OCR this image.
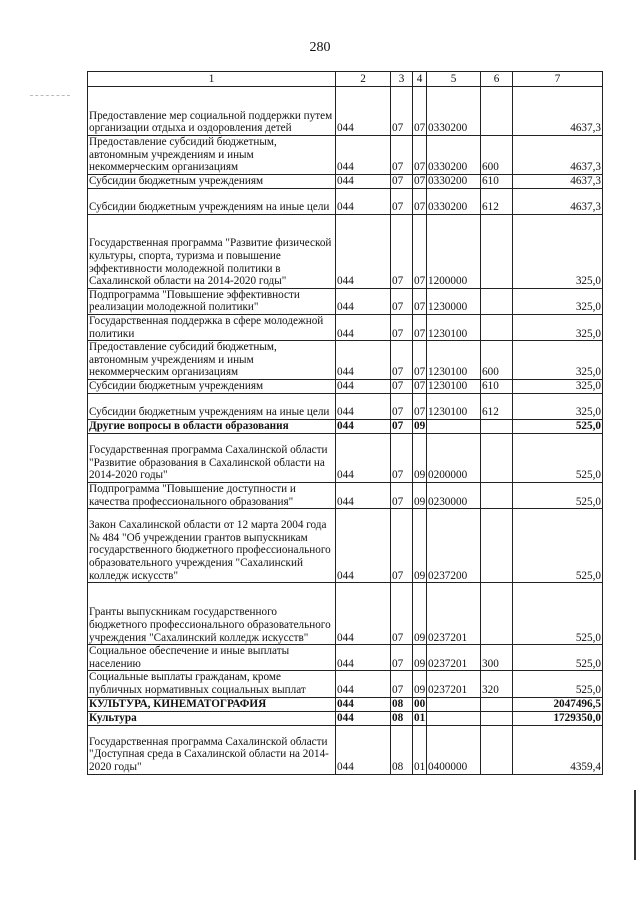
280
1	2	3	4	5	6	7
Предоставление мер социальной поддержки путем организации отдыха и оздоровления детей	044	07	07	0330200		4637,3
Предоставление субсидий бюджетным, автономным учреждениям и иным некоммерческим организациям	044	07	07	0330200	600	4637,3
Субсидии бюджетным учреждениям	044	07	07	0330200	610	4637,3
Субсидии бюджетным учреждениям на иные цели	044	07	07	0330200	612	4637,3
Государственная программа "Развитие физической культуры, спорта, туризма и повышение эффективности молодежной политики в Сахалинской области на 2014-2020 годы"	044	07	07	1200000		325,0
Подпрограмма "Повышение эффективности реализации молодежной политики"	044	07	07	1230000		325,0
Государственная поддержка в сфере молодежной политики	044	07	07	1230100		325,0
Предоставление субсидий бюджетным, автономным учреждениям и иным некоммерческим организациям	044	07	07	1230100	600	325,0
Субсидии бюджетным учреждениям	044	07	07	1230100	610	325,0
Субсидии бюджетным учреждениям на иные цели	044	07	07	1230100	612	325,0
Другие вопросы в области образования	044	07	09			525,0
Государственная программа Сахалинской области "Развитие образования в Сахалинской области на 2014-2020 годы"	044	07	09	0200000		525,0
Подпрограмма "Повышение доступности и качества профессионального образования"	044	07	09	0230000		525,0
Закон Сахалинской области от 12 марта 2004 года № 484 "Об учреждении грантов выпускникам государственного бюджетного профессионального образовательного учреждения "Сахалинский колледж искусств"	044	07	09	0237200		525,0
Гранты выпускникам государственного бюджетного профессионального образовательного учреждения "Сахалинский колледж искусств"	044	07	09	0237201		525,0
Социальное обеспечение и иные выплаты населению	044	07	09	0237201	300	525,0
Социальные выплаты гражданам, кроме публичных нормативных социальных выплат	044	07	09	0237201	320	525,0
КУЛЬТУРА, КИНЕМАТОГРАФИЯ	044	08	00			2047496,5
Культура	044	08	01			1729350,0
Государственная программа Сахалинской области "Доступная среда в Сахалинской области на 2014-2020 годы"	044	08	01	0400000		4359,4
